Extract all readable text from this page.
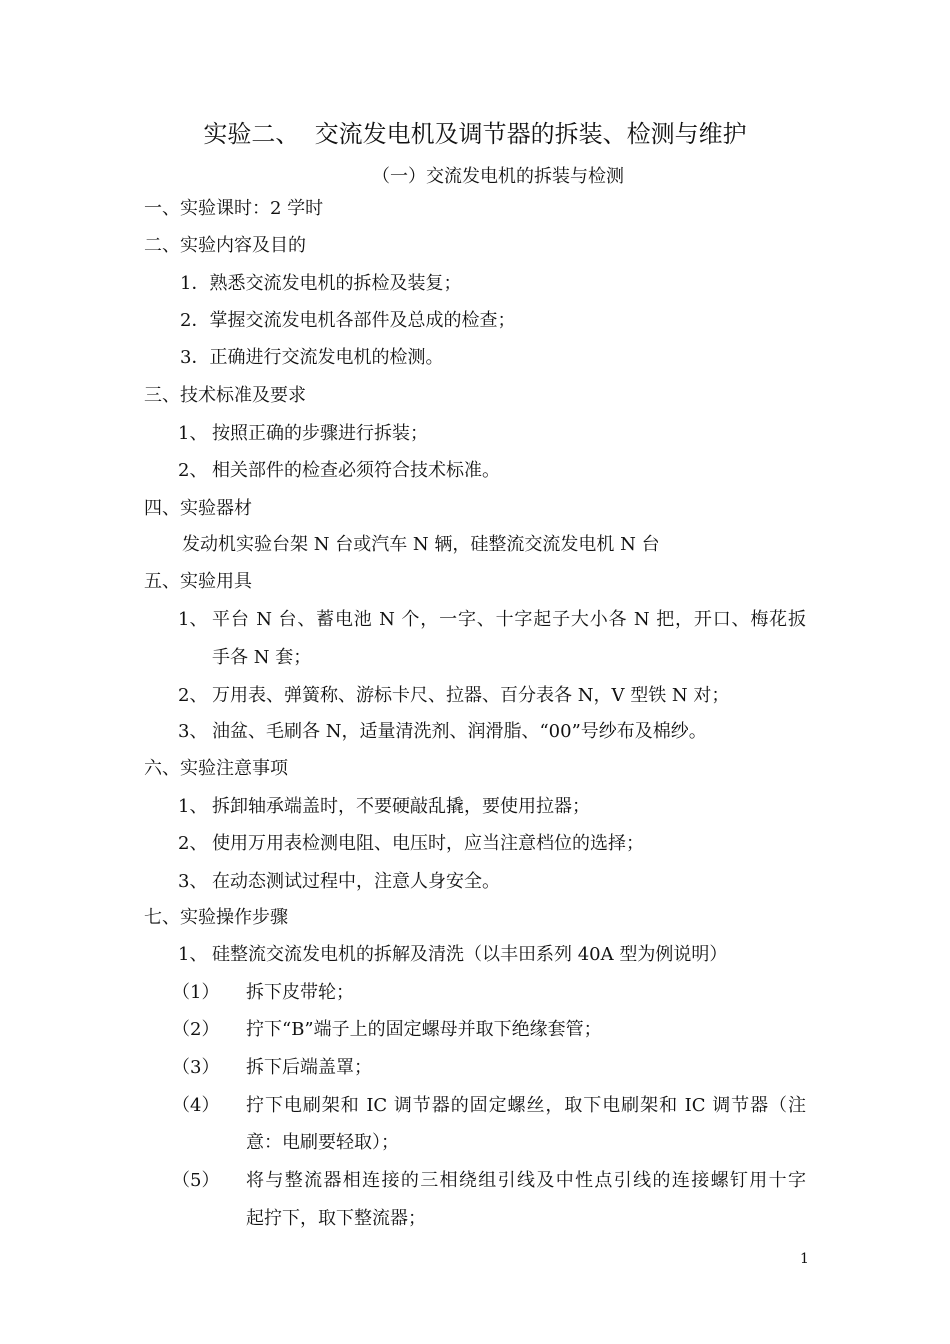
实验二、  交流发电机及调节器的拆装、检测与维护
（一）交流发电机的拆装与检测
一、实验课时：2 学时
二、实验内容及目的
1．熟悉交流发电机的拆检及装复；
2．掌握交流发电机各部件及总成的检查；
3．正确进行交流发电机的检测。
三、技术标准及要求
1、 按照正确的步骤进行拆装；
2、 相关部件的检查必须符合技术标准。
四、实验器材
发动机实验台架 N 台或汽车 N 辆，硅整流交流发电机 N 台
五、实验用具
1、 平台 N 台、蓄电池 N 个，一字、十字起子大小各 N 把，开口、梅花扳
手各 N 套；
2、 万用表、弹簧称、游标卡尺、拉器、百分表各 N，V 型铁 N 对；
3、 油盆、毛刷各 N，适量清洗剂、润滑脂、“00”号纱布及棉纱。
六、实验注意事项
1、 拆卸轴承端盖时，不要硬敲乱撬，要使用拉器；
2、 使用万用表检测电阻、电压时，应当注意档位的选择；
3、 在动态测试过程中，注意人身安全。
七、实验操作步骤
1、 硅整流交流发电机的拆解及清洗（以丰田系列 40A 型为例说明）
（1） 拆下皮带轮；
（2） 拧下“B”端子上的固定螺母并取下绝缘套管；
（3） 拆下后端盖罩；
（4） 拧下电刷架和 IC 调节器的固定螺丝，取下电刷架和 IC 调节器（注
意：电刷要轻取）；
（5） 将与整流器相连接的三相绕组引线及中性点引线的连接螺钉用十字
起拧下，取下整流器；
1
